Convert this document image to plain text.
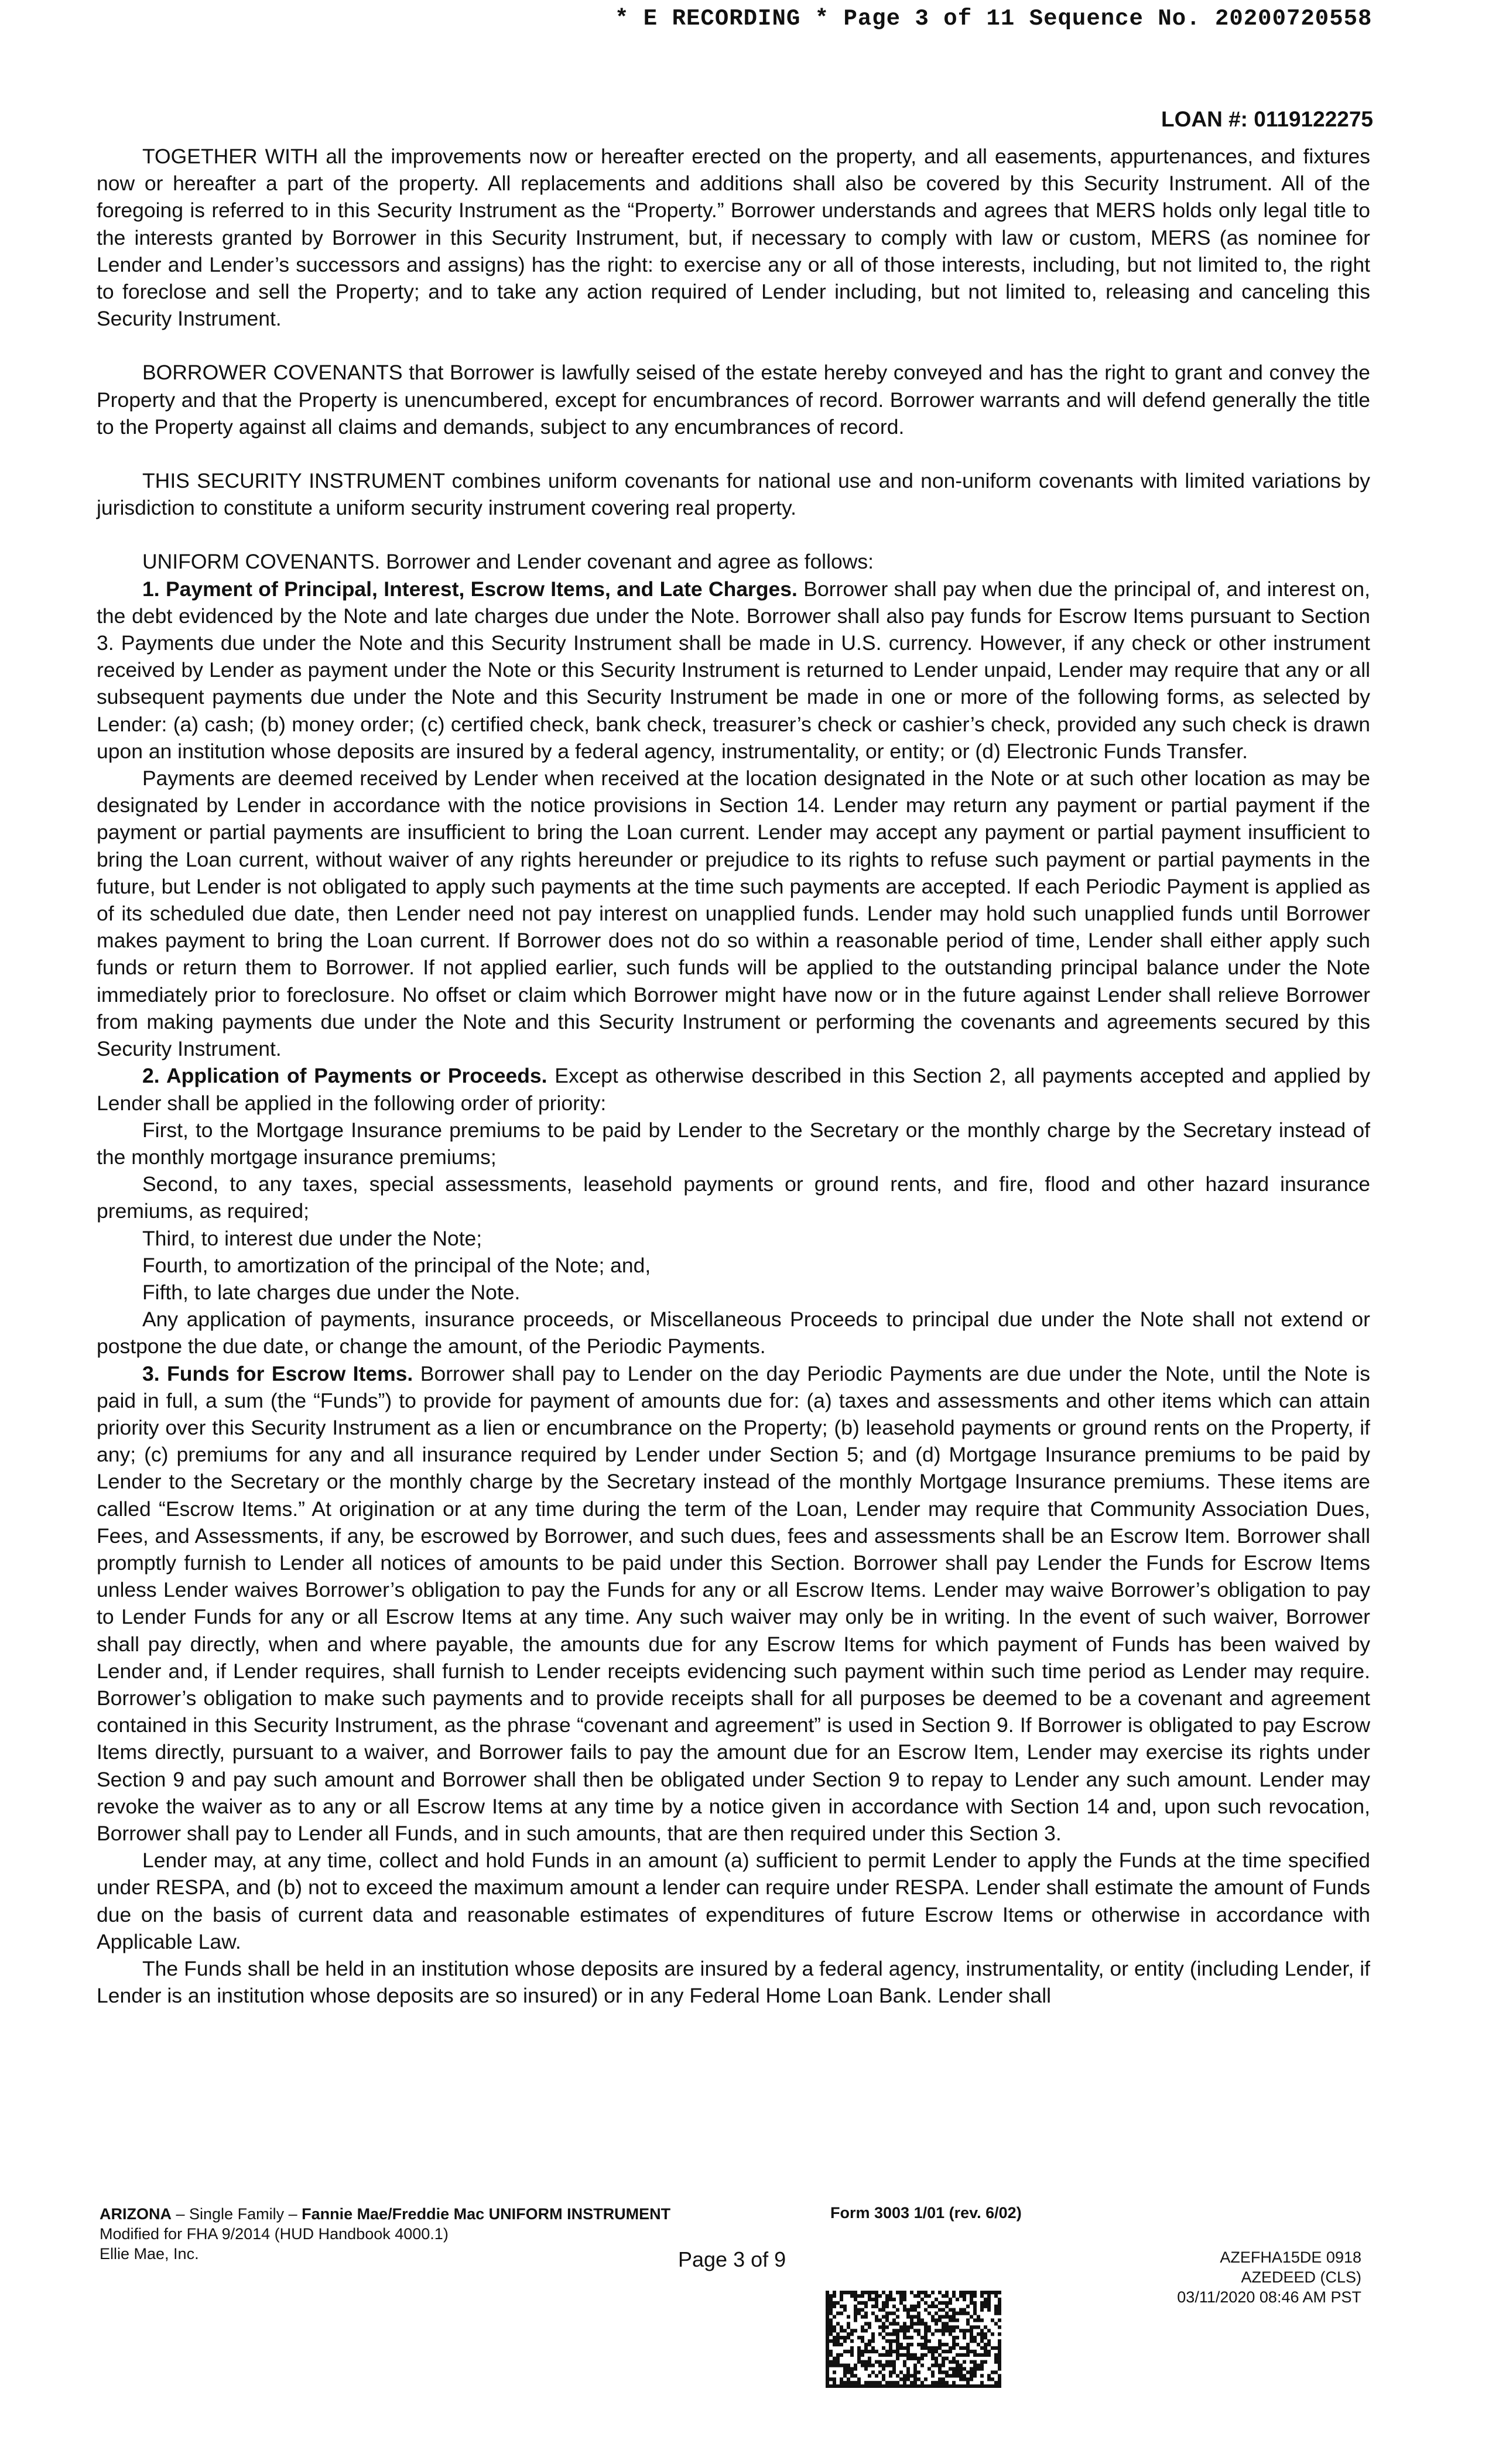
* E RECORDING * Page 3 of 11 Sequence No. 20200720558
LOAN #: 0119122275

TOGETHER WITH all the improvements now or hereafter erected on the property, and all easements, appurtenances, and fixtures now or hereafter a part of the property. All replacements and additions shall also be covered by this Security Instrument. All of the foregoing is referred to in this Security Instrument as the “Property.” Borrower understands and agrees that MERS holds only legal title to the interests granted by Borrower in this Security Instrument, but, if necessary to comply with law or custom, MERS (as nominee for Lender and Lender’s successors and assigns) has the right: to exercise any or all of those interests, including, but not limited to, the right to foreclose and sell the Property; and to take any action required of Lender including, but not limited to, releasing and canceling this Security Instrument.

BORROWER COVENANTS that Borrower is lawfully seised of the estate hereby conveyed and has the right to grant and convey the Property and that the Property is unencumbered, except for encumbrances of record. Borrower warrants and will defend generally the title to the Property against all claims and demands, subject to any encumbrances of record.

THIS SECURITY INSTRUMENT combines uniform covenants for national use and non-uniform covenants with limited variations by jurisdiction to constitute a uniform security instrument covering real property.

UNIFORM COVENANTS. Borrower and Lender covenant and agree as follows:

1. Payment of Principal, Interest, Escrow Items, and Late Charges. Borrower shall pay when due the principal of, and interest on, the debt evidenced by the Note and late charges due under the Note. Borrower shall also pay funds for Escrow Items pursuant to Section 3. Payments due under the Note and this Security Instrument shall be made in U.S. currency. However, if any check or other instrument received by Lender as payment under the Note or this Security Instrument is returned to Lender unpaid, Lender may require that any or all subsequent payments due under the Note and this Security Instrument be made in one or more of the following forms, as selected by Lender: (a) cash; (b) money order; (c) certified check, bank check, treasurer’s check or cashier’s check, provided any such check is drawn upon an institution whose deposits are insured by a federal agency, instrumentality, or entity; or (d) Electronic Funds Transfer.

Payments are deemed received by Lender when received at the location designated in the Note or at such other location as may be designated by Lender in accordance with the notice provisions in Section 14. Lender may return any payment or partial payment if the payment or partial payments are insufficient to bring the Loan current. Lender may accept any payment or partial payment insufficient to bring the Loan current, without waiver of any rights hereunder or prejudice to its rights to refuse such payment or partial payments in the future, but Lender is not obligated to apply such payments at the time such payments are accepted. If each Periodic Payment is applied as of its scheduled due date, then Lender need not pay interest on unapplied funds. Lender may hold such unapplied funds until Borrower makes payment to bring the Loan current. If Borrower does not do so within a reasonable period of time, Lender shall either apply such funds or return them to Borrower. If not applied earlier, such funds will be applied to the outstanding principal balance under the Note immediately prior to foreclosure. No offset or claim which Borrower might have now or in the future against Lender shall relieve Borrower from making payments due under the Note and this Security Instrument or performing the covenants and agreements secured by this Security Instrument.

2. Application of Payments or Proceeds. Except as otherwise described in this Section 2, all payments accepted and applied by Lender shall be applied in the following order of priority:

First, to the Mortgage Insurance premiums to be paid by Lender to the Secretary or the monthly charge by the Secretary instead of the monthly mortgage insurance premiums;

Second, to any taxes, special assessments, leasehold payments or ground rents, and fire, flood and other hazard insurance premiums, as required;

Third, to interest due under the Note;

Fourth, to amortization of the principal of the Note; and,

Fifth, to late charges due under the Note.

Any application of payments, insurance proceeds, or Miscellaneous Proceeds to principal due under the Note shall not extend or postpone the due date, or change the amount, of the Periodic Payments.

3. Funds for Escrow Items. Borrower shall pay to Lender on the day Periodic Payments are due under the Note, until the Note is paid in full, a sum (the “Funds”) to provide for payment of amounts due for: (a) taxes and assessments and other items which can attain priority over this Security Instrument as a lien or encumbrance on the Property; (b) leasehold payments or ground rents on the Property, if any; (c) premiums for any and all insurance required by Lender under Section 5; and (d) Mortgage Insurance premiums to be paid by Lender to the Secretary or the monthly charge by the Secretary instead of the monthly Mortgage Insurance premiums. These items are called “Escrow Items.” At origination or at any time during the term of the Loan, Lender may require that Community Association Dues, Fees, and Assessments, if any, be escrowed by Borrower, and such dues, fees and assessments shall be an Escrow Item. Borrower shall promptly furnish to Lender all notices of amounts to be paid under this Section. Borrower shall pay Lender the Funds for Escrow Items unless Lender waives Borrower’s obligation to pay the Funds for any or all Escrow Items. Lender may waive Borrower’s obligation to pay to Lender Funds for any or all Escrow Items at any time. Any such waiver may only be in writing. In the event of such waiver, Borrower shall pay directly, when and where payable, the amounts due for any Escrow Items for which payment of Funds has been waived by Lender and, if Lender requires, shall furnish to Lender receipts evidencing such payment within such time period as Lender may require. Borrower’s obligation to make such payments and to provide receipts shall for all purposes be deemed to be a covenant and agreement contained in this Security Instrument, as the phrase “covenant and agreement” is used in Section 9. If Borrower is obligated to pay Escrow Items directly, pursuant to a waiver, and Borrower fails to pay the amount due for an Escrow Item, Lender may exercise its rights under Section 9 and pay such amount and Borrower shall then be obligated under Section 9 to repay to Lender any such amount. Lender may revoke the waiver as to any or all Escrow Items at any time by a notice given in accordance with Section 14 and, upon such revocation, Borrower shall pay to Lender all Funds, and in such amounts, that are then required under this Section 3.

Lender may, at any time, collect and hold Funds in an amount (a) sufficient to permit Lender to apply the Funds at the time specified under RESPA, and (b) not to exceed the maximum amount a lender can require under RESPA. Lender shall estimate the amount of Funds due on the basis of current data and reasonable estimates of expenditures of future Escrow Items or otherwise in accordance with Applicable Law.

The Funds shall be held in an institution whose deposits are insured by a federal agency, instrumentality, or entity (including Lender, if Lender is an institution whose deposits are so insured) or in any Federal Home Loan Bank. Lender shall

ARIZONA – Single Family – Fannie Mae/Freddie Mac UNIFORM INSTRUMENT
Modified for FHA 9/2014 (HUD Handbook 4000.1)
Ellie Mae, Inc.
Form 3003 1/01 (rev. 6/02)
Page 3 of 9	AZEFHA15DE 0918
AZEDEED (CLS)
03/11/2020 08:46 AM PST
